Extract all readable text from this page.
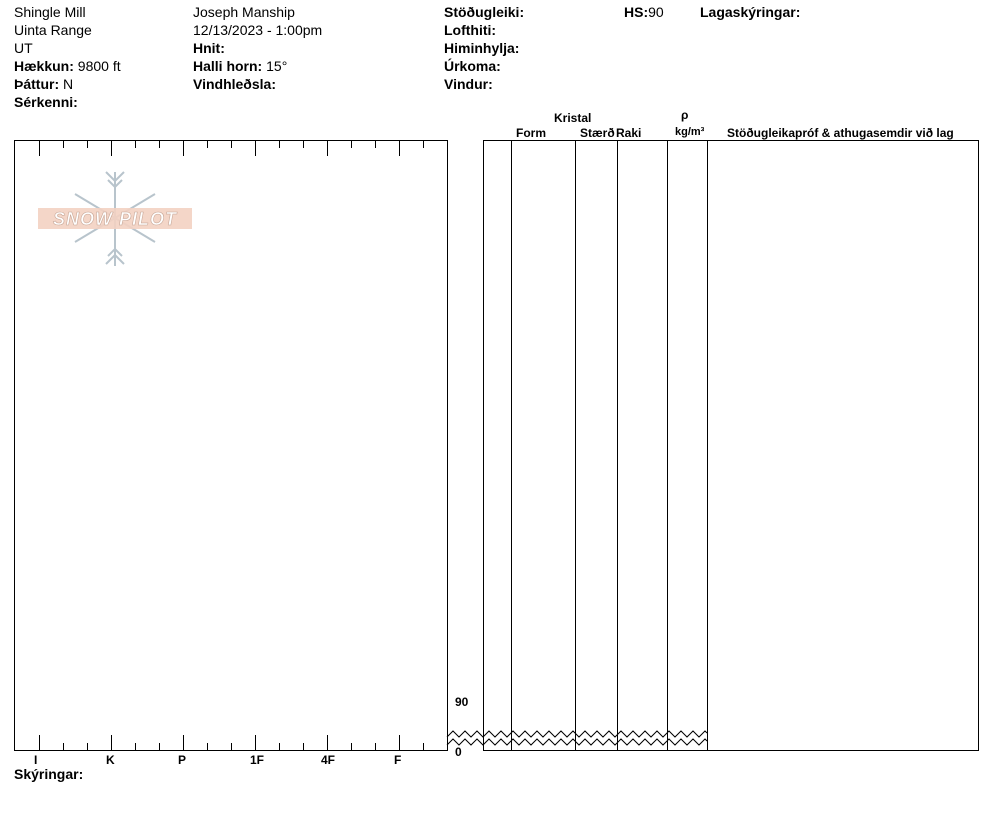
Shingle Mill
Uinta Range
UT
Hækkun: 9800 ft
Þáttur: N
Sérkenni:
Joseph Manship
12/13/2023 - 1:00pm
Hnit:
Halli horn: 15°
Vindhleðsla:
Stöðugleiki:
Lofthiti:
Himinhylja:
Úrkoma:
Vindur:
HS:90	Lagaskýringar:
Kristal
Form	Stærð Raki
ρ
kg/m³ Stöðugleikapróf & athugasemdir við lag
SNOW PILOT
90
0
I	K	P	1F	4F	F
Skýringar:
